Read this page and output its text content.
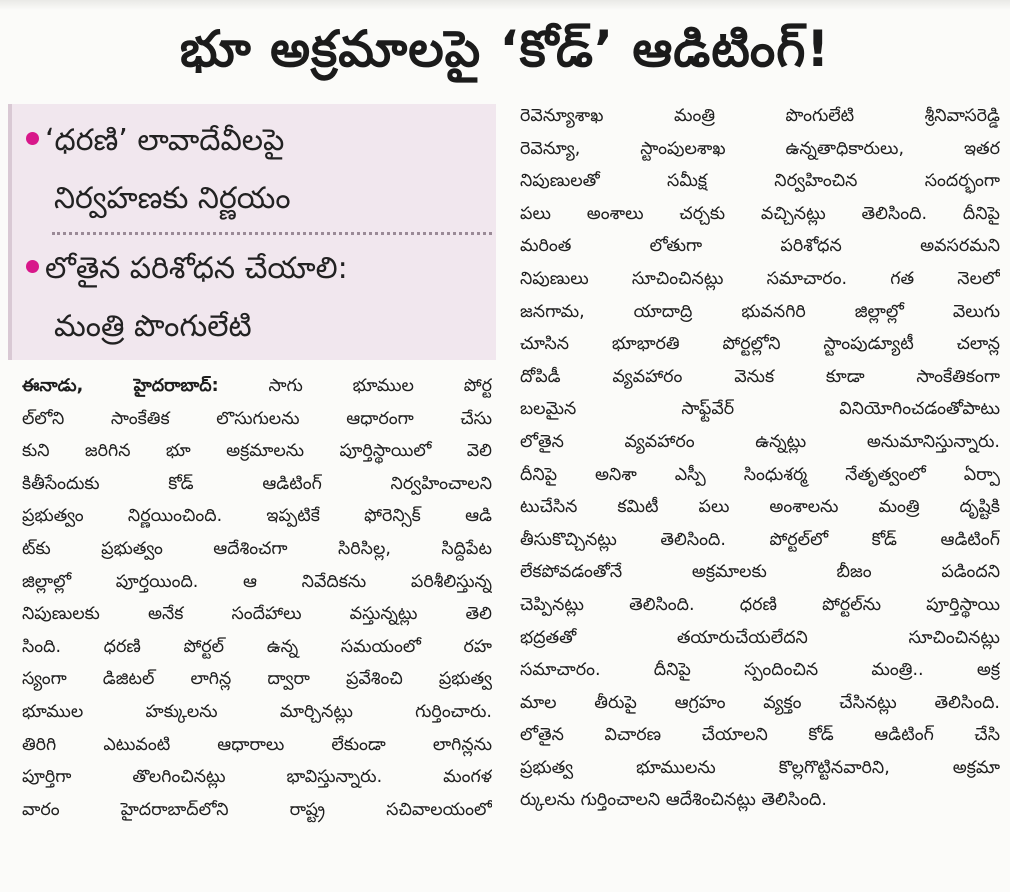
భూ అక్రమాలపై ‘కోడ్’ ఆడిటింగ్!
‘ధరణి’ లావాదేవీలపై
నిర్వహణకు నిర్ణయం
లోతైన పరిశోధన చేయాలి:
మంత్రి పొంగులేటి
ఈనాడు, హైదరాబాద్:	సాగు భూముల పోర్ట
ల్‌లోని సాంకేతిక లొసుగులను ఆధారంగా చేసు
కుని జరిగిన భూ అక్రమాలను పూర్తిస్థాయిలో వెలి
కితీసేందుకు కోడ్ ఆడిటింగ్ నిర్వహించాలని
ప్రభుత్వం నిర్ణయించింది. ఇప్పటికే ఫోరెన్సిక్ ఆడి
ట్‌కు ప్రభుత్వం ఆదేశించగా సిరిసిల్ల, సిద్దిపేట
జిల్లాల్లో పూర్తయింది. ఆ నివేదికను పరిశీలిస్తున్న
నిపుణులకు అనేక సందేహాలు వస్తున్నట్లు తెలి
సింది. ధరణి పోర్టల్ ఉన్న సమయంలో రహ
స్యంగా డిజిటల్ లాగిన్ల ద్వారా ప్రవేశించి ప్రభుత్వ
భూముల హక్కులను మార్చినట్లు గుర్తించారు.
తిరిగి ఎటువంటి ఆధారాలు లేకుండా లాగిన్లను
పూర్తిగా తొలగించినట్లు భావిస్తున్నారు. మంగళ
వారం హైదరాబాద్‌లోని రాష్ట్ర సచివాలయంలో
రెవెన్యూశాఖ మంత్రి పొంగులేటి శ్రీనివాసరెడ్డి
రెవెన్యూ, స్టాంపులశాఖ ఉన్నతాధికారులు, ఇతర
నిపుణులతో సమీక్ష నిర్వహించిన సందర్భంగా
పలు అంశాలు చర్చకు వచ్చినట్లు తెలిసింది. దీనిపై
మరింత లోతుగా పరిశోధన అవసరమని
నిపుణులు సూచించినట్లు సమాచారం. గత నెలలో
జనగామ, యాదాద్రి భువనగిరి జిల్లాల్లో వెలుగు
చూసిన భూభారతి పోర్టల్లోని స్టాంపుడ్యూటీ చలాన్ల
దోపిడీ వ్యవహారం వెనుక కూడా సాంకేతికంగా
బలమైన సాఫ్ట్‌వేర్ వినియోగించడంతోపాటు
లోతైన వ్యవహారం ఉన్నట్లు అనుమానిస్తున్నారు.
దీనిపై అనిశా ఎస్పీ సింధుశర్మ నేతృత్వంలో ఏర్పా
టుచేసిన కమిటీ పలు అంశాలను మంత్రి దృష్టికి
తీసుకొచ్చినట్లు తెలిసింది. పోర్టల్‌లో కోడ్ ఆడిటింగ్
లేకపోవడంతోనే అక్రమాలకు బీజం పడిందని
చెప్పినట్లు తెలిసింది. ధరణి పోర్టల్‌ను పూర్తిస్థాయి
భద్రతతో తయారుచేయలేదని సూచించినట్లు
సమాచారం. దీనిపై స్పందించిన మంత్రి.. అక్ర
మాల తీరుపై ఆగ్రహం వ్యక్తం చేసినట్లు తెలిసింది.
లోతైన విచారణ చేయాలని కోడ్ ఆడిటింగ్ చేసి
ప్రభుత్వ భూములను కొల్లగొట్టినవారిని, అక్రమా
ర్కులను గుర్తించాలని ఆదేశించినట్లు తెలిసింది.
